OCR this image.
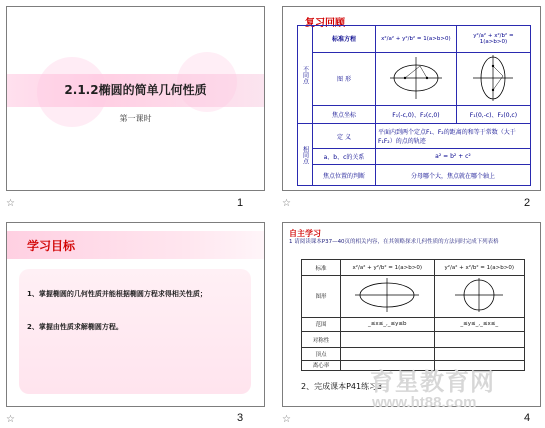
2.1.2椭圆的简单几何性质
第一课时
☆	1
复习回顾
不同点	标准方程	x²/a² + y²/b² = 1(a>b>0)	y²/a² + x²/b² = 1(a>b>0)
	图 形		
	焦点坐标	F₁(-c,0)、F₂(c,0)	F₁(0,-c)、F₂(0,c)
相同点	定 义	平面内到两个定点F₁、F₂的距离的和等于常数（大于F₁F₂）的点的轨迹	
	a、b、c的关系	a² = b² + c²	
	焦点位置的判断	分母哪个大，焦点就在哪个轴上	
☆	2
学习目标
1、掌握椭圆的几何性质并能根据椭圆方程求得相关性质；
2、掌握由性质求解椭圆方程。
☆	3
自主学习
1 请阅读课本P37—40页的相关内容，在其领略探求几何性质的方法同时完成下列表格
标准	x²/a² + y²/b² = 1(a>b>0)	y²/a² + x²/b² = 1(a>b>0)
图形		
范围	_≤x≤_,_≤y≤b	_≤y≤_,_≤x≤_
对称性		
顶点		
离心率		
2、完成课本P41练习3
☆	4
育星教育网
www.ht88.com
